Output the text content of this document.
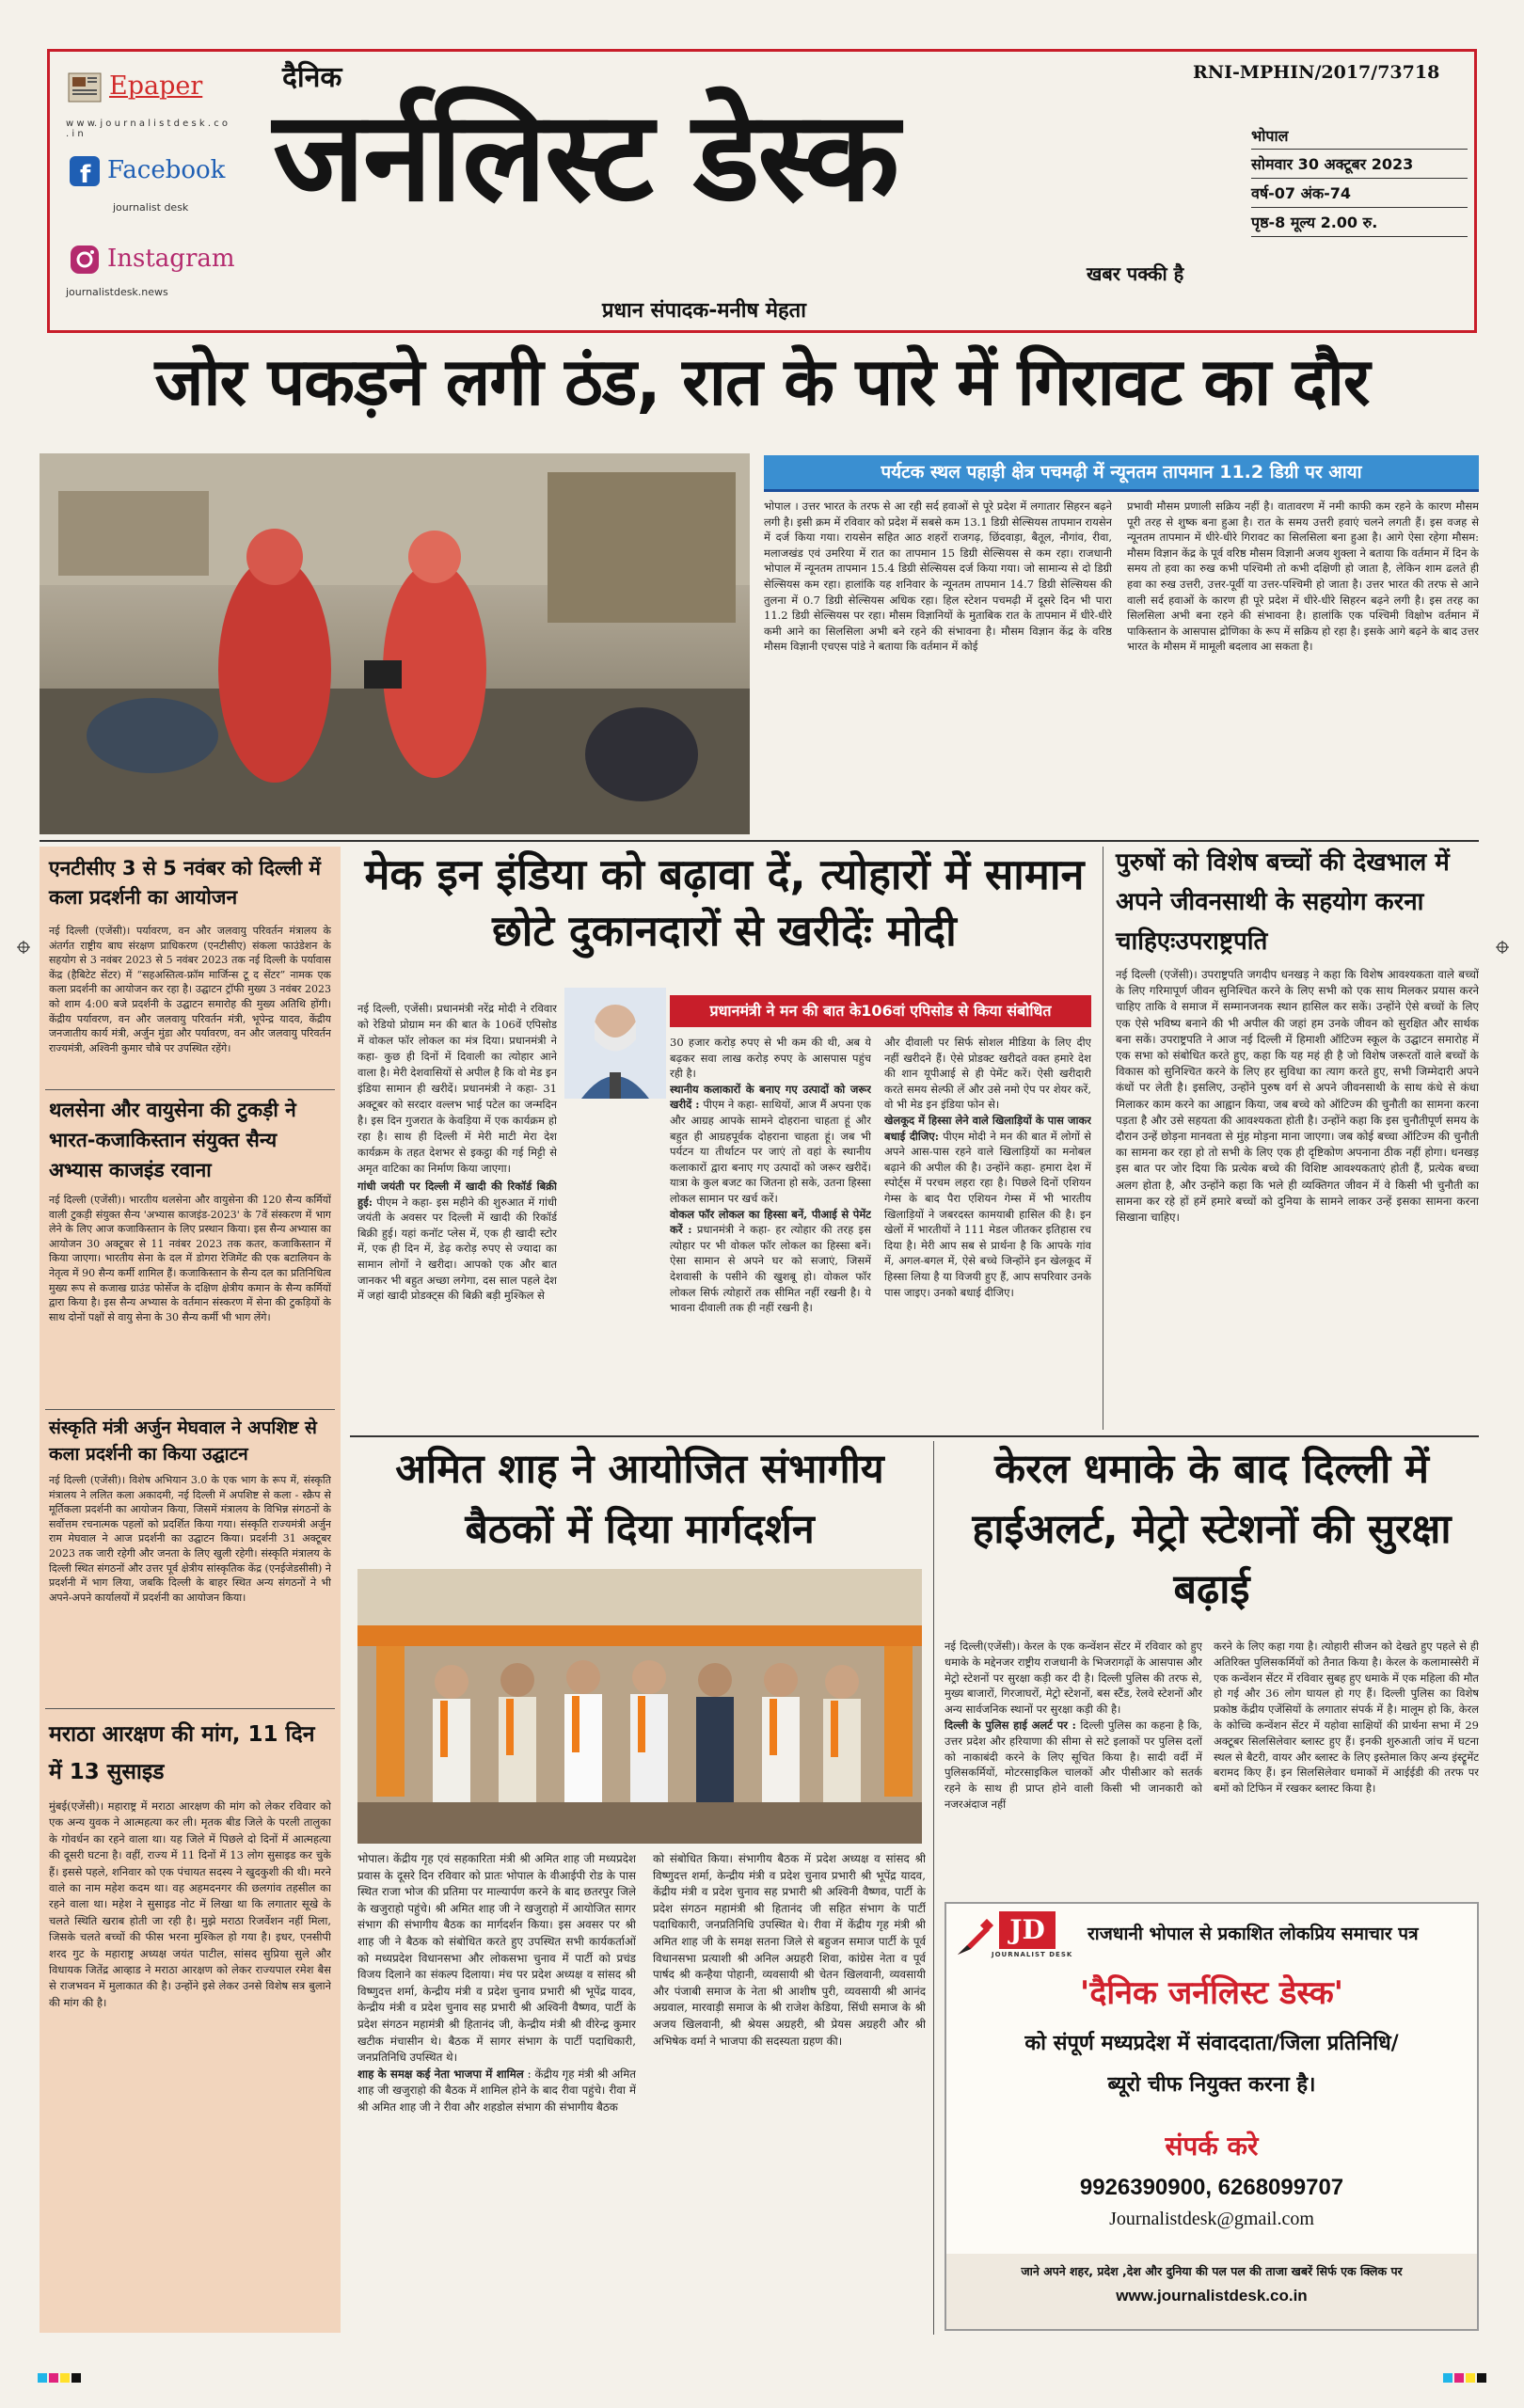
Epaper
w w w. j o u r n a l i s t d e s k . c o . i n
f Facebook
journalist desk
Instagram
journalistdesk.news
दैनिक
जर्नलिस्ट डेस्क
खबर पक्की है
प्रधान संपादक-मनीष मेहता
RNI-MPHIN/2017/73718
भोपाल
सोमवार 30 अक्टूबर 2023
वर्ष-07 अंक-74
पृष्ठ-8 मूल्य 2.00 रु.
जोर पकड़ने लगी ठंड, रात के पारे में गिरावट का दौर
पर्यटक स्थल पहाड़ी क्षेत्र पचमढ़ी में न्यूनतम तापमान 11.2 डिग्री पर आया

भोपाल । उत्तर भारत के तरफ से आ रही सर्द हवाओं से पूरे प्रदेश में लगातार सिहरन बढ़ने लगी है। इसी क्रम में रविवार को प्रदेश में सबसे कम 13.1 डिग्री सेल्सियस तापमान रायसेन में दर्ज किया गया। रायसेन सहित आठ शहरों राजगढ़, छिंदवाड़ा, बैतूल, नौगांव, रीवा, मलाजखंड एवं उमरिया में रात का तापमान 15 डिग्री सेल्सियस से कम रहा। राजधानी भोपाल में न्यूनतम तापमान 15.4 डिग्री सेल्सियस दर्ज किया गया। जो सामान्य से दो डिग्री सेल्सियस कम रहा। हालांकि यह शनिवार के न्यूनतम तापमान 14.7 डिग्री सेल्सियस की तुलना में 0.7 डिग्री सेल्सियस अधिक रहा। हिल स्टेशन पचमढ़ी में दूसरे दिन भी पारा 11.2 डिग्री सेल्सियस पर रहा। मौसम विज्ञानियों के मुताबिक रात के तापमान में धीरे-धीरे कमी आने का सिलसिला अभी बने रहने की संभावना है। मौसम विज्ञान केंद्र के वरिष्ठ मौसम विज्ञानी एचएस पांडे ने बताया कि वर्तमान में कोई

प्रभावी मौसम प्रणाली सक्रिय नहीं है। वातावरण में नमी काफी कम रहने के कारण मौसम पूरी तरह से शुष्क बना हुआ है। रात के समय उत्तरी हवाएं चलने लगती हैं। इस वजह से न्यूनतम तापमान में धीरे-धीरे गिरावट का सिलसिला बना हुआ है। आगे ऐसा रहेगा मौसम: मौसम विज्ञान केंद्र के पूर्व वरिष्ठ मौसम विज्ञानी अजय शुक्ला ने बताया कि वर्तमान में दिन के समय तो हवा का रुख कभी पश्चिमी तो कभी दक्षिणी हो जाता है, लेकिन शाम ढलते ही हवा का रुख उत्तरी, उत्तर-पूर्वी या उत्तर-पश्चिमी हो जाता है। उत्तर भारत की तरफ से आने वाली सर्द हवाओं के कारण ही पूरे प्रदेश में धीरे-धीरे सिहरन बढ़ने लगी है। इस तरह का सिलसिला अभी बना रहने की संभावना है। हालांकि एक पश्चिमी विक्षोभ वर्तमान में पाकिस्तान के आसपास द्रोणिका के रूप में सक्रिय हो रहा है। इसके आगे बढ़ने के बाद उत्तर भारत के मौसम में मामूली बदलाव आ सकता है।

एनटीसीए 3 से 5 नवंबर को दिल्ली में कला प्रदर्शनी का आयोजन

नई दिल्ली (एजेंसी)। पर्यावरण, वन और जलवायु परिवर्तन मंत्रालय के अंतर्गत राष्ट्रीय बाघ संरक्षण प्राधिकरण (एनटीसीए) संकला फाउंडेशन के सहयोग से 3 नवंबर 2023 से 5 नवंबर 2023 तक नई दिल्ली के पर्यावास केंद्र (हैबिटेट सेंटर) में “सहअस्तित्व-फ्रॉम मार्जिन्स टू द सेंटर” नामक एक कला प्रदर्शनी का आयोजन कर रहा है। उद्घाटन ट्रॉफी मुख्य 3 नवंबर 2023 को शाम 4:00 बजे प्रदर्शनी के उद्घाटन समारोह की मुख्य अतिथि होंगी। केंद्रीय पर्यावरण, वन और जलवायु परिवर्तन मंत्री, भूपेन्द्र यादव, केंद्रीय जनजातीय कार्य मंत्री, अर्जुन मुंडा और पर्यावरण, वन और जलवायु परिवर्तन राज्यमंत्री, अश्विनी कुमार चौबे पर उपस्थित रहेंगे।

थलसेना और वायुसेना की टुकड़ी ने भारत-कजाकिस्तान संयुक्त सैन्य अभ्यास काजइंड रवाना

नई दिल्ली (एजेंसी)। भारतीय थलसेना और वायुसेना की 120 सैन्य कर्मियों वाली टुकड़ी संयुक्त सैन्य 'अभ्यास काजइंड-2023' के 7वें संस्करण में भाग लेने के लिए आज कजाकिस्तान के लिए प्रस्थान किया। इस सैन्य अभ्यास का आयोजन 30 अक्टूबर से 11 नवंबर 2023 तक कतर, कजाकिस्तान में किया जाएगा। भारतीय सेना के दल में डोगरा रेजिमेंट की एक बटालियन के नेतृत्व में 90 सैन्य कर्मी शामिल हैं। कजाकिस्तान के सैन्य दल का प्रतिनिधित्व मुख्य रूप से कजाख ग्राउंड फोर्सेज के दक्षिण क्षेत्रीय कमान के सैन्य कर्मियों द्वारा किया है। इस सैन्य अभ्यास के वर्तमान संस्करण में सेना की टुकड़ियों के साथ दोनों पक्षों से वायु सेना के 30 सैन्य कर्मी भी भाग लेंगे।

संस्कृति मंत्री अर्जुन मेघवाल ने अपशिष्ट से कला प्रदर्शनी का किया उद्घाटन

नई दिल्ली (एजेंसी)। विशेष अभियान 3.0 के एक भाग के रूप में, संस्कृति मंत्रालय ने ललित कला अकादमी, नई दिल्ली में अपशिष्ट से कला - स्क्रैप से मूर्तिकला प्रदर्शनी का आयोजन किया, जिसमें मंत्रालय के विभिन्न संगठनों के सर्वोत्तम रचनात्मक पहलों को प्रदर्शित किया गया। संस्कृति राज्यमंत्री अर्जुन राम मेघवाल ने आज प्रदर्शनी का उद्घाटन किया। प्रदर्शनी 31 अक्टूबर 2023 तक जारी रहेगी और जनता के लिए खुली रहेगी। संस्कृति मंत्रालय के दिल्ली स्थित संगठनों और उत्तर पूर्व क्षेत्रीय सांस्कृतिक केंद्र (एनईजेडसीसी) ने प्रदर्शनी में भाग लिया, जबकि दिल्ली के बाहर स्थित अन्य संगठनों ने भी अपने-अपने कार्यालयों में प्रदर्शनी का आयोजन किया।

मराठा आरक्षण की मांग, 11 दिन में 13 सुसाइड

मुंबई(एजेंसी)। महाराष्ट्र में मराठा आरक्षण की मांग को लेकर रविवार को एक अन्य युवक ने आत्महत्या कर ली। मृतक बीड जिले के परली तालुका के गोवर्धन का रहने वाला था। यह जिले में पिछले दो दिनों में आत्महत्या की दूसरी घटना है। वहीं, राज्य में 11 दिनों में 13 लोग सुसाइड कर चुके हैं। इससे पहले, शनिवार को एक पंचायत सदस्य ने खुदकुशी की थी। मरने वाले का नाम महेश कदम था। वह अहमदनगर की छलगांव तहसील का रहने वाला था। महेश ने सुसाइड नोट में लिखा था कि लगातार सूखे के चलते स्थिति खराब होती जा रही है। मुझे मराठा रिजर्वेशन नहीं मिला, जिसके चलते बच्चों की फीस भरना मुश्किल हो गया है। इधर, एनसीपी शरद गुट के महाराष्ट्र अध्यक्ष जयंत पाटील, सांसद सुप्रिया सुले और विधायक जितेंद्र आव्हाड ने मराठा आरक्षण को लेकर राज्यपाल रमेश बैस से राजभवन में मुलाकात की है। उन्होंने इसे लेकर उनसे विशेष सत्र बुलाने की मांग की है।

मेक इन इंडिया को बढ़ावा दें, त्योहारों में सामान छोटे दुकानदारों से खरीदेंः मोदी
प्रधानमंत्री ने मन की बात के106वां एपिसोड से किया संबोधित

नई दिल्ली, एजेंसी। प्रधानमंत्री नरेंद्र मोदी ने रविवार को रेडियो प्रोग्राम मन की बात के 106वें एपिसोड में वोकल फॉर लोकल का मंत्र दिया। प्रधानमंत्री ने कहा- कुछ ही दिनों में दिवाली का त्योहार आने वाला है। मेरी देशवासियों से अपील है कि वो मेड इन इंडिया सामान ही खरीदें। प्रधानमंत्री ने कहा- 31 अक्टूबर को सरदार वल्लभ भाई पटेल का जन्मदिन है। इस दिन गुजरात के केवड़िया में एक कार्यक्रम हो रहा है। साथ ही दिल्ली में मेरी माटी मेरा देश कार्यक्रम के तहत देशभर से इकट्ठा की गई मिट्टी से अमृत वाटिका का निर्माण किया जाएगा।

गांधी जयंती पर दिल्ली में खादी की रिकॉर्ड बिक्री हुई: पीएम ने कहा- इस महीने की शुरुआत में गांधी जयंती के अवसर पर दिल्ली में खादी की रिकॉर्ड बिक्री हुई। यहां कनॉट प्लेस में, एक ही खादी स्टोर में, एक ही दिन में, डेढ़ करोड़ रुपए से ज्यादा का सामान लोगों ने खरीदा। आपको एक और बात जानकर भी बहुत अच्छा लगेगा, दस साल पहले देश में जहां खादी प्रोडक्ट्स की बिक्री बड़ी मुश्किल से

30 हजार करोड़ रुपए से भी कम की थी, अब ये बढ़कर सवा लाख करोड़ रुपए के आसपास पहुंच रही है।

स्थानीय कलाकारों के बनाए गए उत्पादों को जरूर खरीदें : पीएम ने कहा- साथियों, आज मैं अपना एक और आग्रह आपके सामने दोहराना चाहता हूं और बहुत ही आग्रहपूर्वक दोहराना चाहता हूं। जब भी पर्यटन या तीर्थाटन पर जाएं तो वहां के स्थानीय कलाकारों द्वारा बनाए गए उत्पादों को जरूर खरीदें। यात्रा के कुल बजट का जितना हो सके, उतना हिस्सा लोकल सामान पर खर्च करें।

वोकल फॉर लोकल का हिस्सा बनें, पीआई से पेमेंट करें : प्रधानमंत्री ने कहा- हर त्योहार की तरह इस त्योहार पर भी वोकल फॉर लोकल का हिस्सा बनें। ऐसा सामान से अपने घर को सजाएं, जिसमें देशवासी के पसीने की खुशबू हो। वोकल फॉर लोकल सिर्फ त्योहारों तक सीमित नहीं रखनी है। ये भावना दीवाली तक ही नहीं रखनी है।

और दीवाली पर सिर्फ सोशल मीडिया के लिए दीए नहीं खरीदने हैं। ऐसे प्रोडक्ट खरीदते वक्त हमारे देश की शान यूपीआई से ही पेमेंट करें। ऐसी खरीदारी करते समय सेल्फी लें और उसे नमो ऐप पर शेयर करें, वो भी मेड इन इंडिया फोन से।

खेलकूद में हिस्सा लेने वाले खिलाड़ियों के पास जाकर बधाई दीजिए: पीएम मोदी ने मन की बात में लोगों से अपने आस-पास रहने वाले खिलाड़ियों का मनोबल बढ़ाने की अपील की है। उन्होंने कहा- हमारा देश में स्पोर्ट्स में परचम लहरा रहा है। पिछले दिनों एशियन गेम्स के बाद पैरा एशियन गेम्स में भी भारतीय खिलाड़ियों ने जबरदस्त कामयाबी हासिल की है। इन खेलों में भारतीयों ने 111 मेडल जीतकर इतिहास रच दिया है। मेरी आप सब से प्रार्थना है कि आपके गांव में, अगल-बगल में, ऐसे बच्चे जिन्होंने इन खेलकूद में हिस्सा लिया है या विजयी हुए हैं, आप सपरिवार उनके पास जाइए। उनको बधाई दीजिए।

पुरुषों को विशेष बच्चों की देखभाल में अपने जीवनसाथी के सहयोग करना चाहिएःउपराष्ट्रपति

नई दिल्ली (एजेंसी)। उपराष्ट्रपति जगदीप धनखड़ ने कहा कि विशेष आवश्यकता वाले बच्चों के लिए गरिमापूर्ण जीवन सुनिश्चित करने के लिए सभी को एक साथ मिलकर प्रयास करने चाहिए ताकि वे समाज में सम्मानजनक स्थान हासिल कर सकें। उन्होंने ऐसे बच्चों के लिए एक ऐसे भविष्य बनाने की भी अपील की जहां हम उनके जीवन को सुरक्षित और सार्थक बना सकें। उपराष्ट्रपति ने आज नई दिल्ली में हिमाशी ऑटिज्म स्कूल के उद्घाटन समारोह में एक सभा को संबोधित करते हुए, कहा कि यह महं ही है जो विशेष जरूरतों वाले बच्चों के विकास को सुनिश्चित करने के लिए हर सुविधा का त्याग करते हुए, सभी जिम्मेदारी अपने कंधों पर लेती है। इसलिए, उन्होंने पुरुष वर्ग से अपने जीवनसाथी के साथ कंधे से कंधा मिलाकर काम करने का आह्वान किया, जब बच्चे को ऑटिज्म की चुनौती का सामना करना पड़ता है और उसे सहयता की आवश्यकता होती है। उन्होंने कहा कि इस चुनौतीपूर्ण समय के दौरान उन्हें छोड़ना मानवता से मुंह मोड़ना माना जाएगा। जब कोई बच्चा ऑटिज्म की चुनौती का सामना कर रहा हो तो सभी के लिए एक ही दृष्टिकोण अपनाना ठीक नहीं होगा। धनखड़ इस बात पर जोर दिया कि प्रत्येक बच्चे की विशिष्ट आवश्यकताएं होती हैं, प्रत्येक बच्चा अलग होता है, और उन्होंने कहा कि भले ही व्यक्तिगत जीवन में वे किसी भी चुनौती का सामना कर रहे हों हमें हमारे बच्चों को दुनिया के सामने लाकर उन्हें इसका सामना करना सिखाना चाहिए।

अमित शाह ने आयोजित संभागीय बैठकों में दिया मार्गदर्शन

भोपाल। केंद्रीय गृह एवं सहकारिता मंत्री श्री अमित शाह जी मध्यप्रदेश प्रवास के दूसरे दिन रविवार को प्रातः भोपाल के वीआईपी रोड के पास स्थित राजा भोज की प्रतिमा पर माल्यार्पण करने के बाद छतरपुर जिले के खजुराहो पहुंचे। श्री अमित शाह जी ने खजुराहो में आयोजित सागर संभाग की संभागीय बैठक का मार्गदर्शन किया। इस अवसर पर श्री शाह जी ने बैठक को संबोधित करते हुए उपस्थित सभी कार्यकर्ताओं को मध्यप्रदेश विधानसभा और लोकसभा चुनाव में पार्टी को प्रचंड विजय दिलाने का संकल्प दिलाया। मंच पर प्रदेश अध्यक्ष व सांसद श्री विष्णुदत्त शर्मा, केन्द्रीय मंत्री व प्रदेश चुनाव प्रभारी श्री भूपेंद्र यादव, केन्द्रीय मंत्री व प्रदेश चुनाव सह प्रभारी श्री अश्विनी वैष्णव, पार्टी के प्रदेश संगठन महामंत्री श्री हितानंद जी, केन्द्रीय मंत्री श्री वीरेन्द्र कुमार खटीक मंचासीन थे। बैठक में सागर संभाग के पार्टी पदाधिकारी, जनप्रतिनिधि उपस्थित थे।

शाह के समक्ष कई नेता भाजपा में शामिल : केंद्रीय गृह मंत्री श्री अमित शाह जी खजुराहो की बैठक में शामिल होने के बाद रीवा पहुंचे। रीवा में श्री अमित शाह जी ने रीवा और शहडोल संभाग की संभागीय बैठक

को संबोधित किया। संभागीय बैठक में प्रदेश अध्यक्ष व सांसद श्री विष्णुदत्त शर्मा, केन्द्रीय मंत्री व प्रदेश चुनाव प्रभारी श्री भूपेंद्र यादव, केंद्रीय मंत्री व प्रदेश चुनाव सह प्रभारी श्री अश्विनी वैष्णव, पार्टी के प्रदेश संगठन महामंत्री श्री हितानंद जी सहित संभाग के पार्टी पदाधिकारी, जनप्रतिनिधि उपस्थित थे। रीवा में केंद्रीय गृह मंत्री श्री अमित शाह जी के समक्ष सतना जिले से बहुजन समाज पार्टी के पूर्व विधानसभा प्रत्याशी श्री अनिल अग्रहरी शिवा, कांग्रेस नेता व पूर्व पार्षद श्री कन्हैया पोहानी, व्यवसायी श्री चेतन खिलवानी, व्यवसायी और पंजाबी समाज के नेता श्री आशीष पुरी, व्यवसायी श्री आनंद अग्रवाल, मारवाड़ी समाज के श्री राजेश केडिया, सिंधी समाज के श्री अजय खिलवानी, श्री श्रेयस अग्रहरी, श्री प्रेयस अग्रहरी और श्री अभिषेक वर्मा ने भाजपा की सदस्यता ग्रहण की।

केरल धमाके के बाद दिल्ली में हाईअलर्ट, मेट्रो स्टेशनों की सुरक्षा बढ़ाई

नई दिल्ली(एजेंसी)। केरल के एक कन्वेंशन सेंटर में रविवार को हुए धमाके के मद्देनजर राष्ट्रीय राजधानी के भिजरागढ़ों के आसपास और मेट्रो स्टेशनों पर सुरक्षा कड़ी कर दी है। दिल्ली पुलिस की तरफ से, मुख्य बाजारों, गिरजाघरों, मेट्रो स्टेशनों, बस स्टैंड, रेलवे स्टेशनों और अन्य सार्वजनिक स्थानों पर सुरक्षा कड़ी की है।

दिल्ली के पुलिस हाई अलर्ट पर : दिल्ली पुलिस का कहना है कि, उत्तर प्रदेश और हरियाणा की सीमा से सटे इलाकों पर पुलिस दलों को नाकाबंदी करने के लिए सूचित किया है। सादी वर्दी में पुलिसकर्मियों, मोटरसाइकिल चालकों और पीसीआर को सतर्क रहने के साथ ही प्राप्त होने वाली किसी भी जानकारी को नजरअंदाज नहीं

करने के लिए कहा गया है। त्योहारी सीजन को देखते हुए पहले से ही अतिरिक्त पुलिसकर्मियों को तैनात किया है। केरल के कलामास्सेरी में एक कन्वेंशन सेंटर में रविवार सुबह हुए धमाके में एक महिला की मौत हो गई और 36 लोग घायल हो गए हैं। दिल्ली पुलिस का विशेष प्रकोष्ठ केंद्रीय एजेंसियों के लगातार संपर्क में है। मालूम हो कि, केरल के कोच्चि कन्वेंशन सेंटर में यहोवा साक्षियों की प्रार्थना सभा में 29 अक्टूबर सिलसिलेवार ब्लास्ट हुए हैं। इनकी शुरुआती जांच में घटना स्थल से बैटरी, वायर और ब्लास्ट के लिए इस्तेमाल किए अन्य इंस्ट्रूमेंट बरामद किए हैं। इन सिलसिलेवार धमाकों में आईईडी की तरफ पर बमों को टिफिन में रखकर ब्लास्ट किया है।

JD
JOURNALIST DESK
राजधानी भोपाल से प्रकाशित लोकप्रिय समाचार पत्र
'दैनिक जर्नलिस्ट डेस्क'
को संपूर्ण मध्यप्रदेश में संवाददाता/जिला प्रतिनिधि/
ब्यूरो चीफ नियुक्त करना है।
संपर्क करे
9926390900, 6268099707
Journalistdesk@gmail.com
जाने अपने शहर, प्रदेश ,देश और दुनिया की पल पल की ताजा खबरें सिर्फ एक क्लिक पर
www.journalistdesk.co.in
